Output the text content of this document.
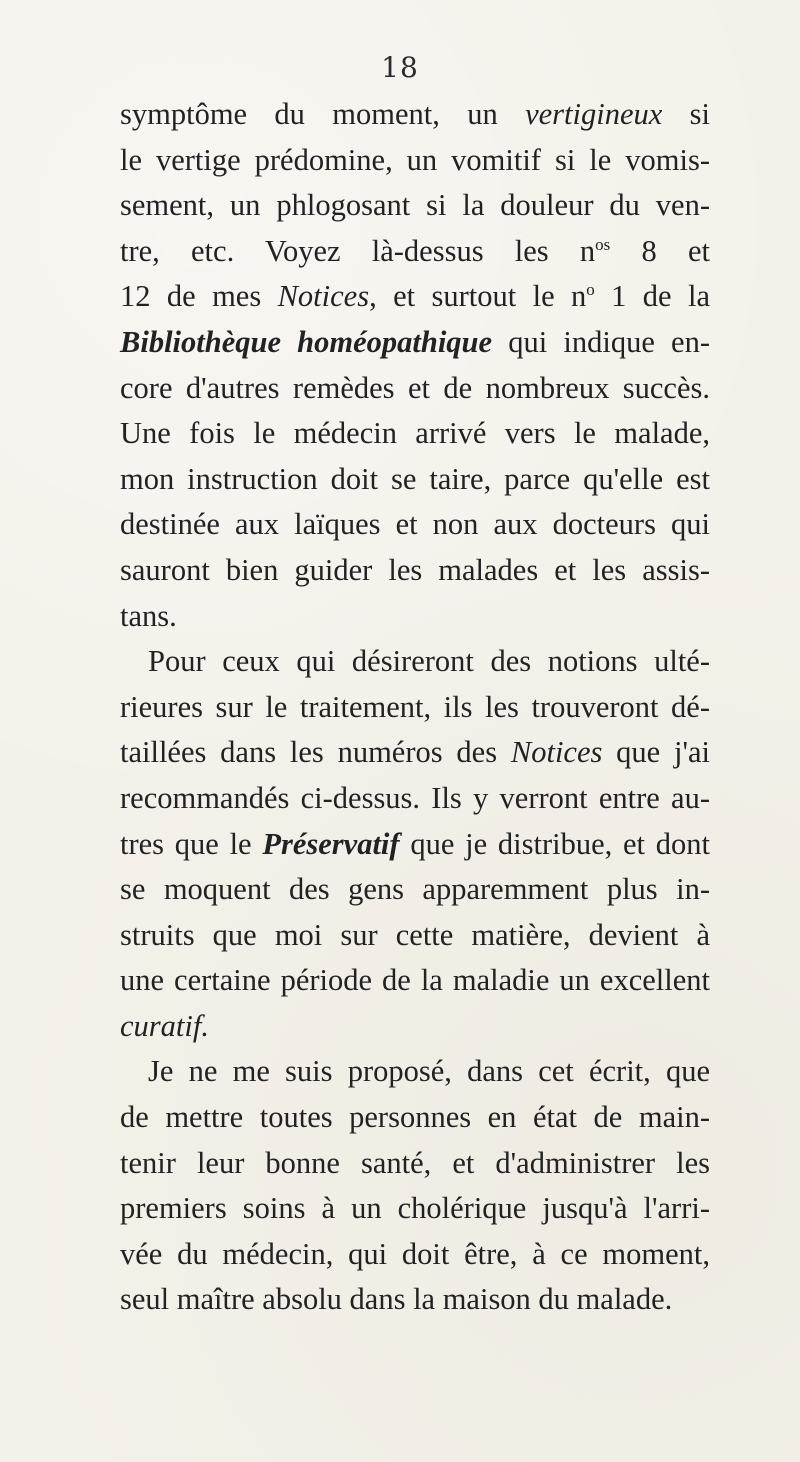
18
symptôme du moment, un vertigineux si
le vertige prédomine, un vomitif si le vomis-
sement, un phlogosant si la douleur du ven-
tre, etc. Voyez là-dessus les $n^{os}$ 8 et
12 de mes Notices, et surtout le $n^o$ 1 de la
Bibliothèque homéopathique qui indique en-
core d'autres remèdes et de nombreux succès.
Une fois le médecin arrivé vers le malade,
mon instruction doit se taire, parce qu'elle est
destinée aux laïques et non aux docteurs qui
sauront bien guider les malades et les assis-
tans.
Pour ceux qui désireront des notions ulté-
rieures sur le traitement, ils les trouveront dé-
taillées dans les numéros des Notices que j'ai
recommandés ci-dessus. Ils y verront entre au-
tres que le Préservatif que je distribue, et dont
se moquent des gens apparemment plus in-
struits que moi sur cette matière, devient à
une certaine période de la maladie un excellent
curatif.
Je ne me suis proposé, dans cet écrit, que
de mettre toutes personnes en état de main-
tenir leur bonne santé, et d'administrer les
premiers soins à un cholérique jusqu'à l'arri-
vée du médecin, qui doit être, à ce moment,
seul maître absolu dans la maison du malade.
